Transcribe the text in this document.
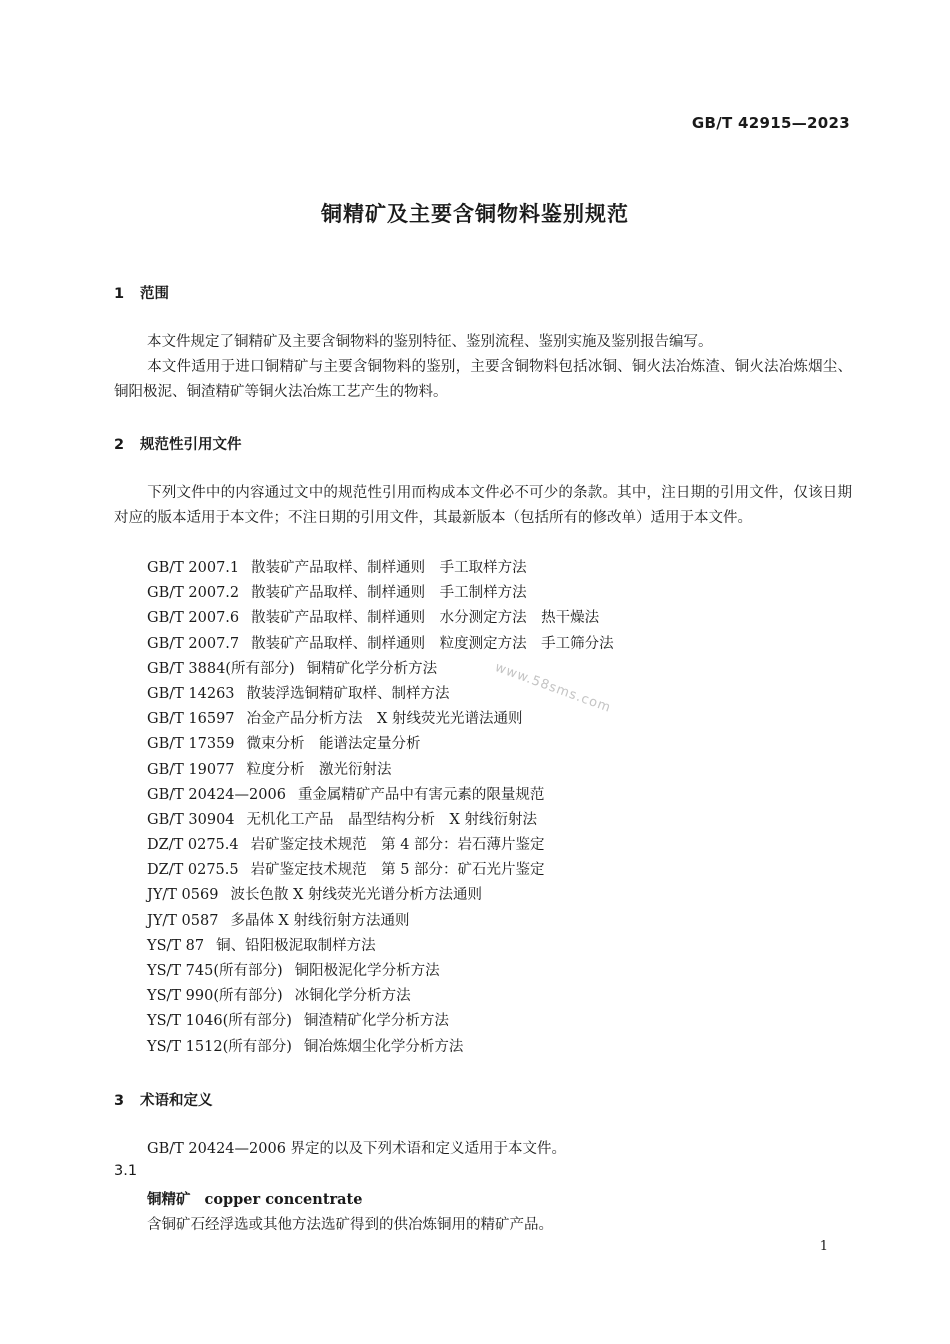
GB/T 42915—2023
铜精矿及主要含铜物料鉴别规范
1 范围
本文件规定了铜精矿及主要含铜物料的鉴别特征、鉴别流程、鉴别实施及鉴别报告编写。
本文件适用于进口铜精矿与主要含铜物料的鉴别，主要含铜物料包括冰铜、铜火法冶炼渣、铜火法冶炼烟尘、铜阳极泥、铜渣精矿等铜火法冶炼工艺产生的物料。
2 规范性引用文件
下列文件中的内容通过文中的规范性引用而构成本文件必不可少的条款。其中，注日期的引用文件，仅该日期对应的版本适用于本文件；不注日期的引用文件，其最新版本（包括所有的修改单）适用于本文件。
GB/T 2007.1 散装矿产品取样、制样通则　手工取样方法
GB/T 2007.2 散装矿产品取样、制样通则　手工制样方法
GB/T 2007.6 散装矿产品取样、制样通则　水分测定方法　热干燥法
GB/T 2007.7 散装矿产品取样、制样通则　粒度测定方法　手工筛分法
GB/T 3884(所有部分) 铜精矿化学分析方法
GB/T 14263 散装浮选铜精矿取样、制样方法
GB/T 16597 冶金产品分析方法　X 射线荧光光谱法通则
GB/T 17359 微束分析　能谱法定量分析
GB/T 19077 粒度分析　激光衍射法
GB/T 20424—2006 重金属精矿产品中有害元素的限量规范
GB/T 30904 无机化工产品　晶型结构分析　X 射线衍射法
DZ/T 0275.4 岩矿鉴定技术规范　第 4 部分：岩石薄片鉴定
DZ/T 0275.5 岩矿鉴定技术规范　第 5 部分：矿石光片鉴定
JY/T 0569 波长色散 X 射线荧光光谱分析方法通则
JY/T 0587 多晶体 X 射线衍射方法通则
YS/T 87 铜、铅阳极泥取制样方法
YS/T 745(所有部分) 铜阳极泥化学分析方法
YS/T 990(所有部分) 冰铜化学分析方法
YS/T 1046(所有部分) 铜渣精矿化学分析方法
YS/T 1512(所有部分) 铜冶炼烟尘化学分析方法
3 术语和定义
GB/T 20424—2006 界定的以及下列术语和定义适用于本文件。
3.1
铜精矿 copper concentrate
含铜矿石经浮选或其他方法选矿得到的供冶炼铜用的精矿产品。
www.58sms.com
1
